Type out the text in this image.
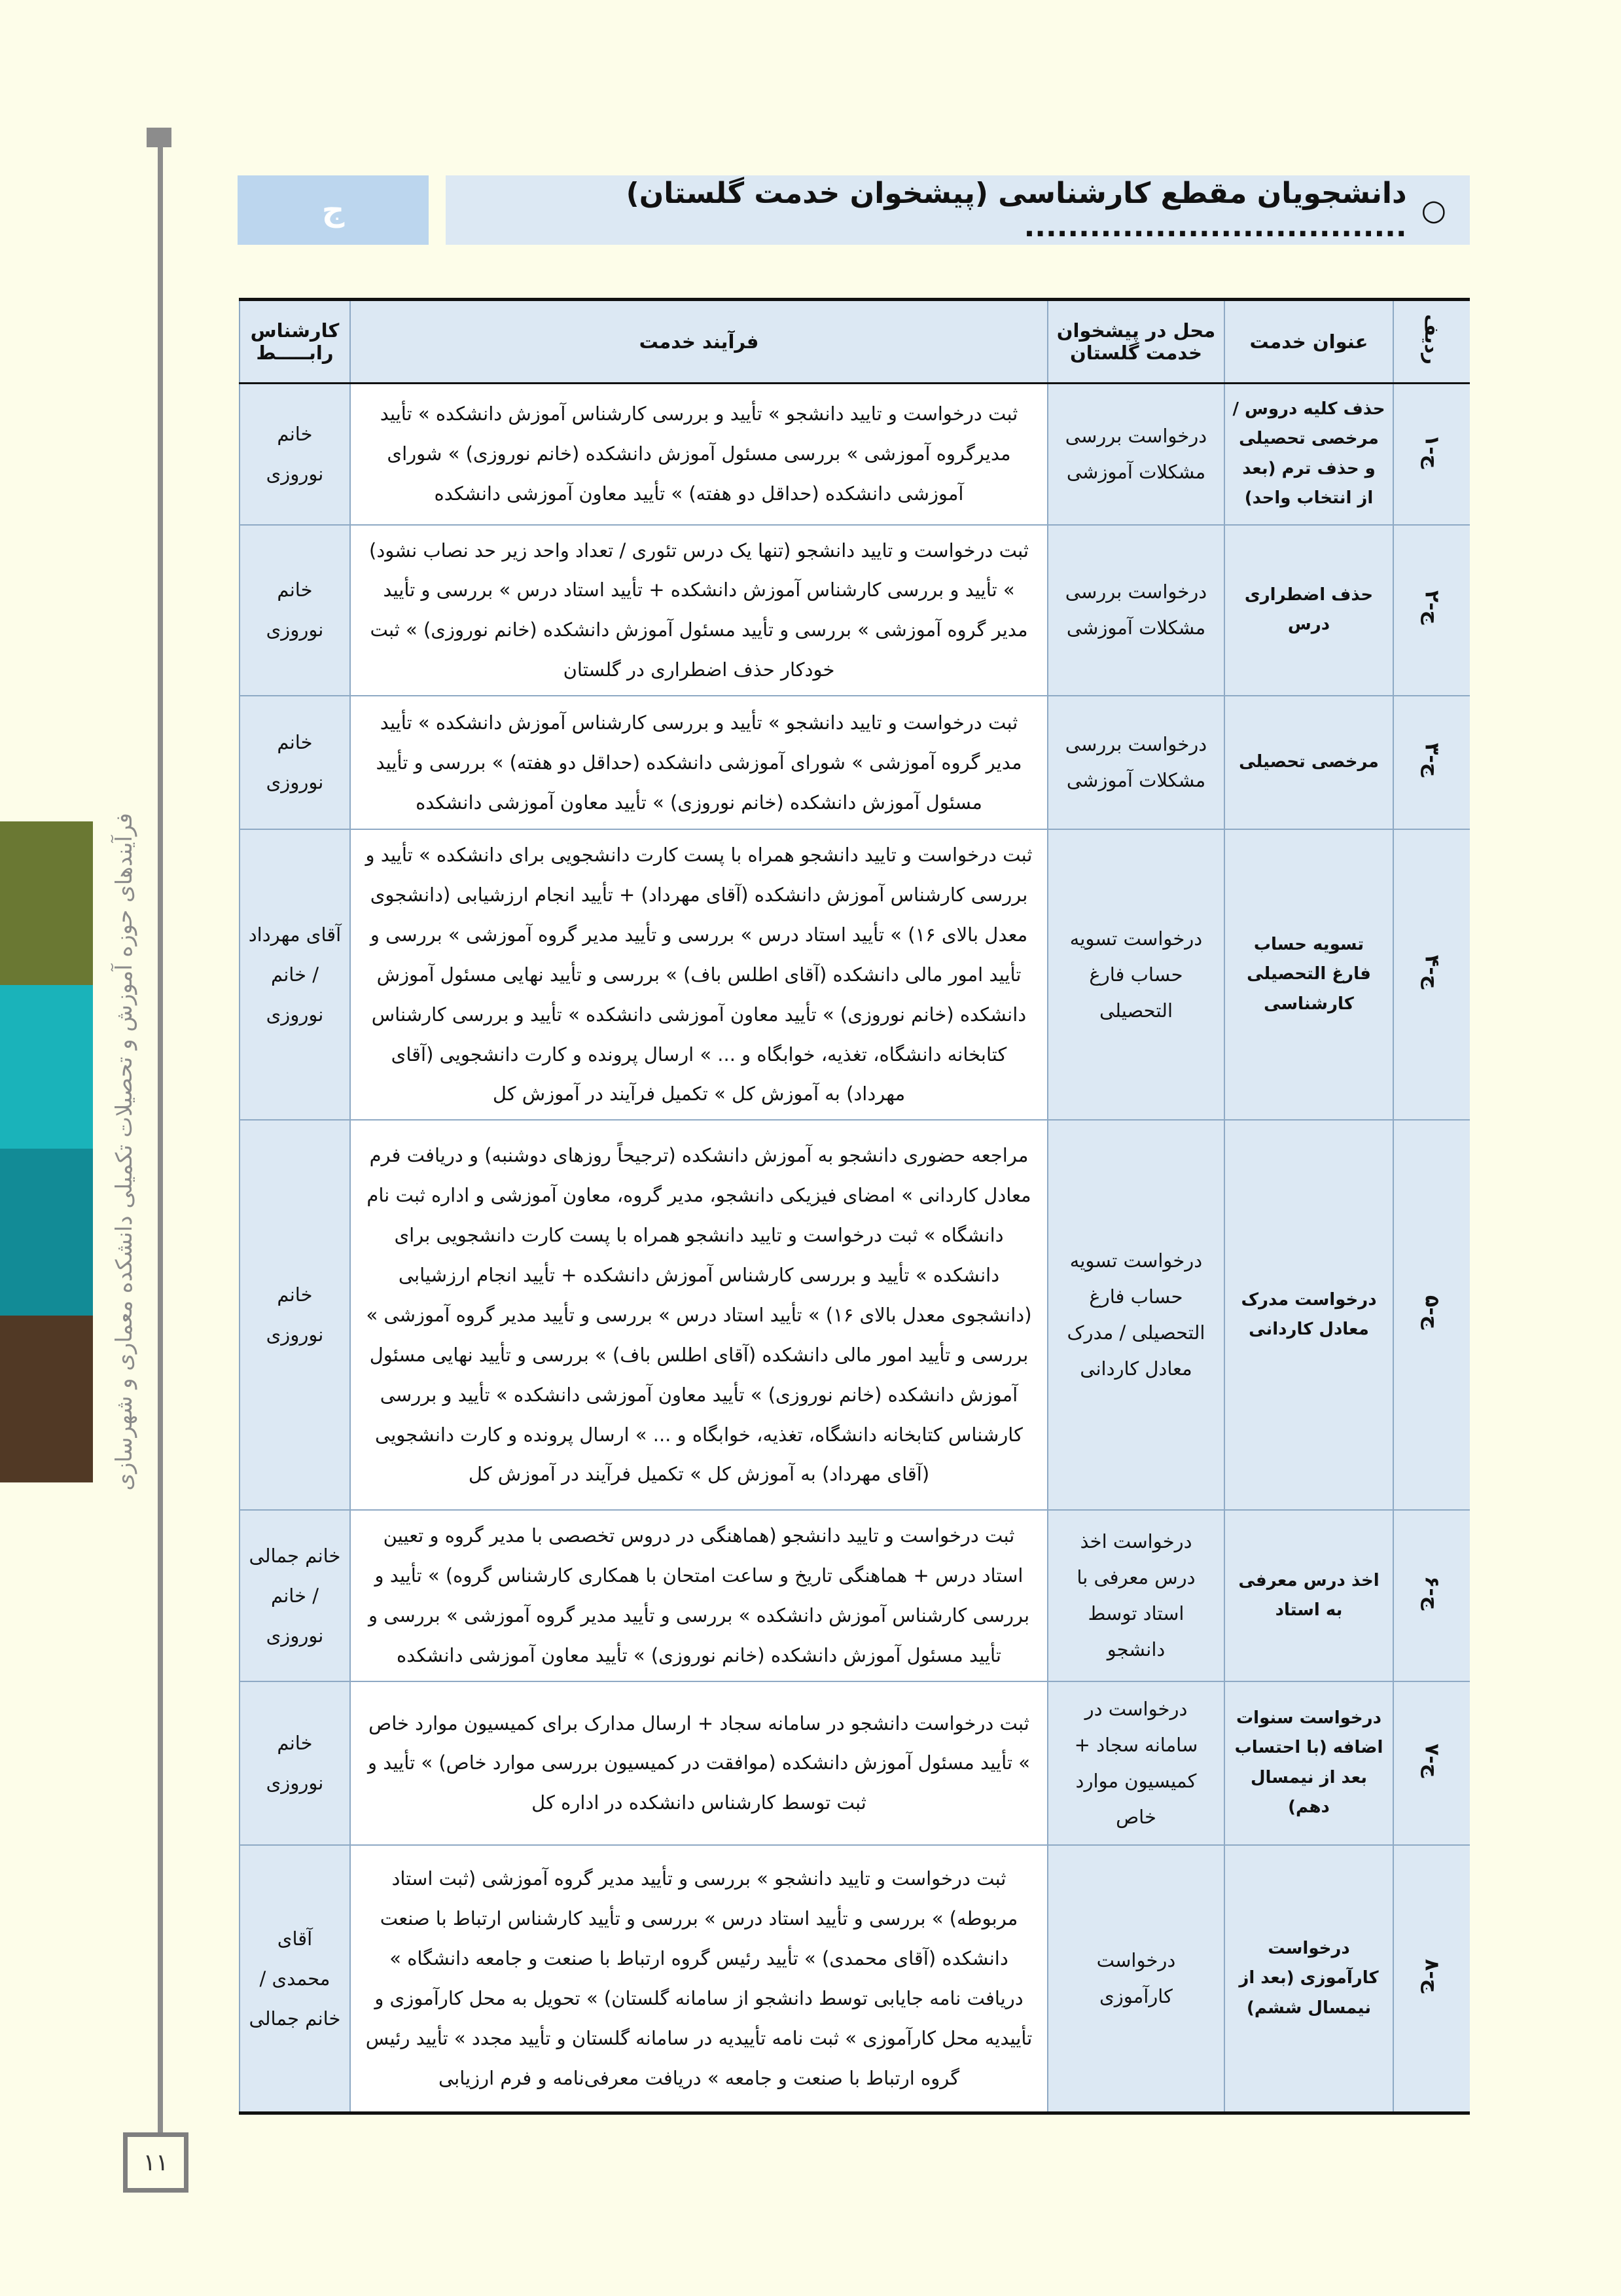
فرآیندهای حوزه آموزش و تحصیلات تکمیلی دانشکده معماری و شهرسازی
۱۱
ج	○
دانشجویان مقطع کارشناسی (پیشخوان خدمت گلستان) ...................................
ردیف	عنوان خدمت	محل در پیشخوان خدمت گلستان	فرآیند خدمت	کارشناس رابـــــط
ج-۱	حذف کلیه دروس / مرخصی تحصیلی و حذف ترم (بعد از انتخاب واحد)	درخواست بررسی مشکلات آموزشی	ثبت درخواست و تایید دانشجو » تأیید و بررسی کارشناس آموزش دانشکده » تأیید مدیرگروه آموزشی » بررسی مسئول آموزش دانشکده (خانم نوروزی) » شورای آموزشی دانشکده (حداقل دو هفته) » تأیید معاون آموزشی دانشکده	خانم نوروزی
ج-۲	حذف اضطراری درس	درخواست بررسی مشکلات آموزشی	ثبت درخواست و تایید دانشجو (تنها یک درس تئوری / تعداد واحد زیر حد نصاب نشود) » تأیید و بررسی کارشناس آموزش دانشکده + تأیید استاد درس » بررسی و تأیید مدیر گروه آموزشی » بررسی و تأیید مسئول آموزش دانشکده (خانم نوروزی) » ثبت خودکار حذف اضطراری در گلستان	خانم نوروزی
ج-۳	مرخصی تحصیلی	درخواست بررسی مشکلات آموزشی	ثبت درخواست و تایید دانشجو » تأیید و بررسی کارشناس آموزش دانشکده » تأیید مدیر گروه آموزشی » شورای آموزشی دانشکده (حداقل دو هفته) » بررسی و تأیید مسئول آموزش دانشکده (خانم نوروزی) » تأیید معاون آموزشی دانشکده	خانم نوروزی
ج-۴	تسویه حساب فارغ التحصیلی کارشناسی	درخواست تسویه حساب فارغ التحصیلی	ثبت درخواست و تایید دانشجو همراه با پست کارت دانشجویی برای دانشکده » تأیید و بررسی کارشناس آموزش دانشکده (آقای مهرداد) + تأیید انجام ارزشیابی (دانشجوی معدل بالای ۱۶) » تأیید استاد درس » بررسی و تأیید مدیر گروه آموزشی » بررسی و تأیید امور مالی دانشکده (آقای اطلس باف) » بررسی و تأیید نهایی مسئول آموزش دانشکده (خانم نوروزی) » تأیید معاون آموزشی دانشکده » تأیید و بررسی کارشناس کتابخانه دانشگاه، تغذیه، خوابگاه و ... » ارسال پرونده و کارت دانشجویی (آقای مهرداد) به آموزش کل » تکمیل فرآیند در آموزش کل	آقای مهرداد / خانم نوروزی
ج-۵	درخواست مدرک معادل کاردانی	درخواست تسویه حساب فارغ التحصیلی / مدرک معادل کاردانی	مراجعه حضوری دانشجو به آموزش دانشکده (ترجیحاً روزهای دوشنبه) و دریافت فرم معادل کاردانی » امضای فیزیکی دانشجو، مدیر گروه، معاون آموزشی و اداره ثبت نام دانشگاه » ثبت درخواست و تایید دانشجو همراه با پست کارت دانشجویی برای دانشکده » تأیید و بررسی کارشناس آموزش دانشکده + تأیید انجام ارزشیابی (دانشجوی معدل بالای ۱۶) » تأیید استاد درس » بررسی و تأیید مدیر گروه آموزشی » بررسی و تأیید امور مالی دانشکده (آقای اطلس باف) » بررسی و تأیید نهایی مسئول آموزش دانشکده (خانم نوروزی) » تأیید معاون آموزشی دانشکده » تأیید و بررسی کارشناس کتابخانه دانشگاه، تغذیه، خوابگاه و ... » ارسال پرونده و کارت دانشجویی (آقای مهرداد) به آموزش کل » تکمیل فرآیند در آموزش کل	خانم نوروزی
ج-۶	اخذ درس معرفی به استاد	درخواست اخذ درس معرفی با استاد توسط دانشجو	ثبت درخواست و تایید دانشجو (هماهنگی در دروس تخصصی با مدیر گروه و تعیین استاد درس + هماهنگی تاریخ و ساعت امتحان با همکاری کارشناس گروه) » تأیید و بررسی کارشناس آموزش دانشکده » بررسی و تأیید مدیر گروه آموزشی » بررسی و تأیید مسئول آموزش دانشکده (خانم نوروزی) » تأیید معاون آموزشی دانشکده	خانم جمالی / خانم نوروزی
ج-۷	درخواست سنوات اضافه (با احتساب بعد از نیمسال دهم)	درخواست در سامانه سجاد + کمیسیون موارد خاص	ثبت درخواست دانشجو در سامانه سجاد + ارسال مدارک برای کمیسیون موارد خاص » تأیید مسئول آموزش دانشکده (موافقت در کمیسیون بررسی موارد خاص) » تأیید و ثبت توسط کارشناس دانشکده در اداره کل	خانم نوروزی
ج-۸	درخواست کارآموزی (بعد از نیمسال ششم)	درخواست کارآموزی	ثبت درخواست و تایید دانشجو » بررسی و تأیید مدیر گروه آموزشی (ثبت استاد مربوطه) » بررسی و تأیید استاد درس » بررسی و تأیید کارشناس ارتباط با صنعت دانشکده (آقای محمدی) » تأیید رئیس گروه ارتباط با صنعت و جامعه دانشگاه » دریافت نامه جایابی توسط دانشجو از سامانه گلستان) » تحویل به محل کارآموزی و تأییدیه محل کارآموزی » ثبت نامه تأییدیه در سامانه گلستان و تأیید مجدد » تأیید رئیس گروه ارتباط با صنعت و جامعه » دریافت معرفی‌نامه و فرم ارزیابی	آقای محمدی / خانم جمالی
